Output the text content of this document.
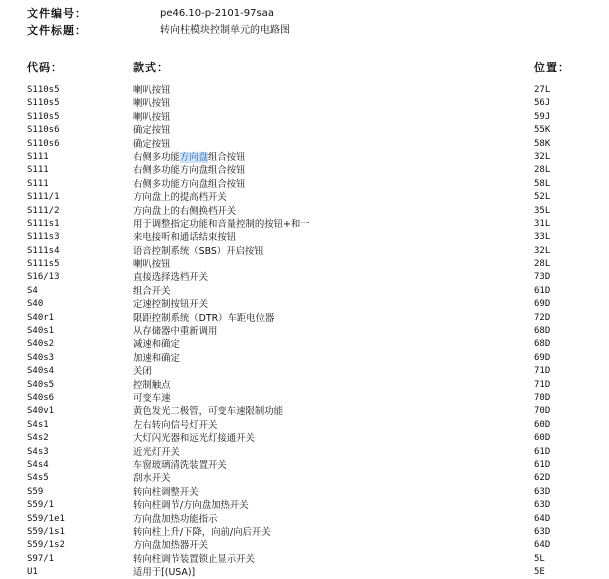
文件编号：	pe46.10-p-2101-97saa
文件标题：	转向柱模块控制单元的电路图
代码：	款式：	位置：
S110s5	喇叭按钮	27L
S110s5	喇叭按钮	56J
S110s5	喇叭按钮	59J
S110s6	确定按钮	55K
S110s6	确定按钮	58K
S111	右侧多功能方向盘组合按钮	32L
S111	右侧多功能方向盘组合按钮	28L
S111	右侧多功能方向盘组合按钮	58L
S111/1	方向盘上的提高档开关	52L
S111/2	方向盘上的右侧换档开关	35L
S111s1	用于调整指定功能和音量控制的按钮+和一	31L
S111s3	来电接听和通话结束按钮	33L
S111s4	语音控制系统（SBS）开启按钮	32L
S111s5	喇叭按钮	28L
S16/13	直接选择选档开关	73D
S4	组合开关	61D
S40	定速控制按钮开关	69D
S40r1	限距控制系统（DTR）车距电位器	72D
S40s1	从存储器中重新调用	68D
S40s2	减速和确定	68D
S40s3	加速和确定	69D
S40s4	关闭	71D
S40s5	控制触点	71D
S40s6	可变车速	70D
S40v1	黄色发光二极管，可变车速限制功能	70D
S4s1	左右转向信号灯开关	60D
S4s2	大灯闪光器和远光灯接通开关	60D
S4s3	近光灯开关	61D
S4s4	车窗玻璃清洗装置开关	61D
S4s5	刮水开关	62D
S59	转向柱调整开关	63D
S59/1	转向柱调节/方向盘加热开关	63D
S59/1e1	方向盘加热功能指示	64D
S59/1s1	转向柱上升/下降，向前/向后开关	63D
S59/1s2	方向盘加热器开关	64D
S97/1	转向柱调节装置锁止显示开关	5L
U1	适用于[(USA)]	5E
